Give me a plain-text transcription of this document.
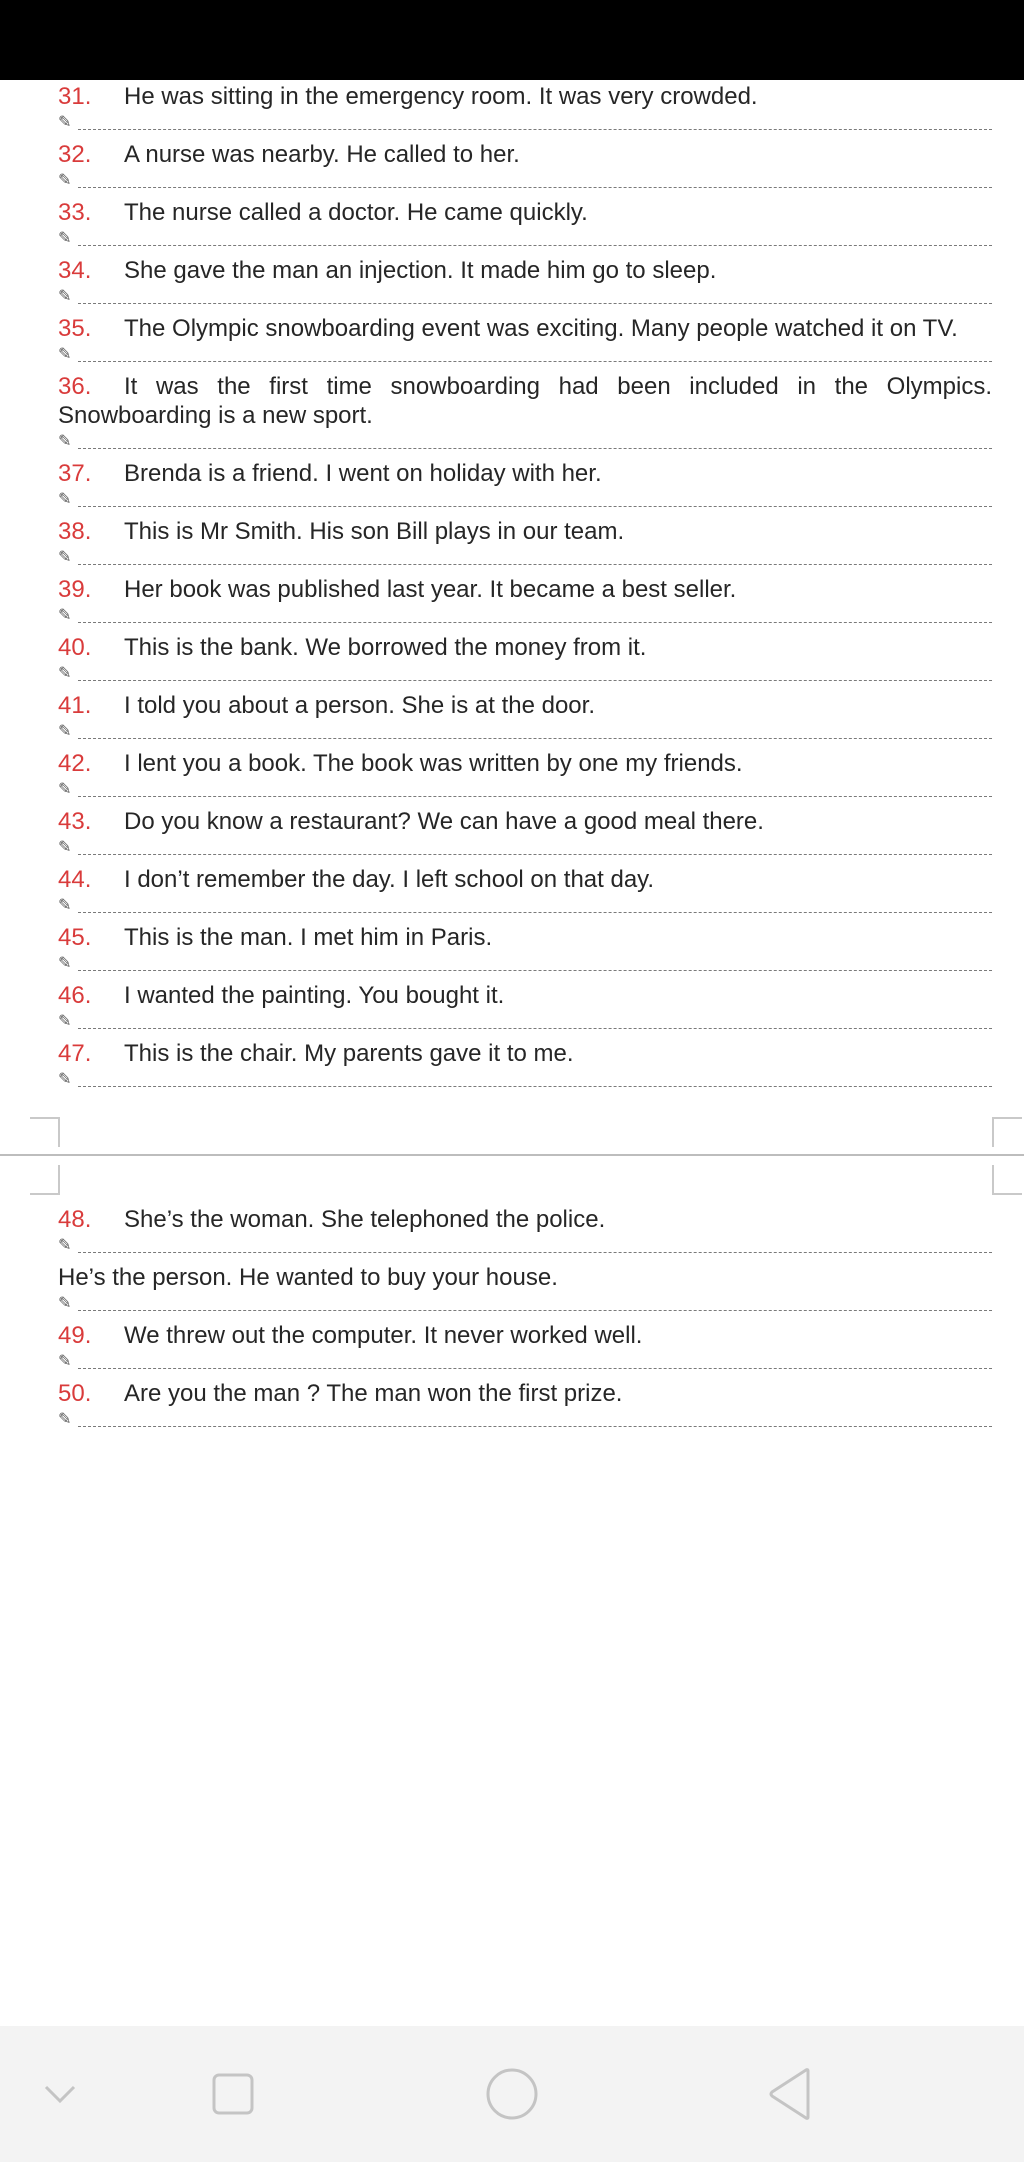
31. He was sitting in the emergency room. It was very crowded.

✎

32. A nurse was nearby. He called to her.

✎

33. The nurse called a doctor. He came quickly.

✎

34. She gave the man an injection. It made him go to sleep.

✎

35. The Olympic snowboarding event was exciting. Many people watched it on TV.

✎

36. It was the first time snowboarding had been included in the Olympics. Snowboarding is a new sport.

✎

37. Brenda is a friend. I went on holiday with her.

✎

38. This is Mr Smith. His son Bill plays in our team.

✎

39. Her book was published last year. It became a best seller.

✎

40. This is the bank. We borrowed the money from it.

✎

41. I told you about a person. She is at the door.

✎

42. I lent you a book. The book was written by one my friends.

✎

43. Do you know a restaurant? We can have a good meal there.

✎

44. I don’t remember the day. I left school on that day.

✎

45. This is the man. I met him in Paris.

✎

46. I wanted the painting. You bought it.

✎

47. This is the chair. My parents gave it to me.

✎

48. She’s the woman. She telephoned the police.

✎

He’s the person. He wanted to buy your house.

✎

49. We threw out the computer. It never worked well.

✎

50. Are you the man ? The man won the first prize.

✎
